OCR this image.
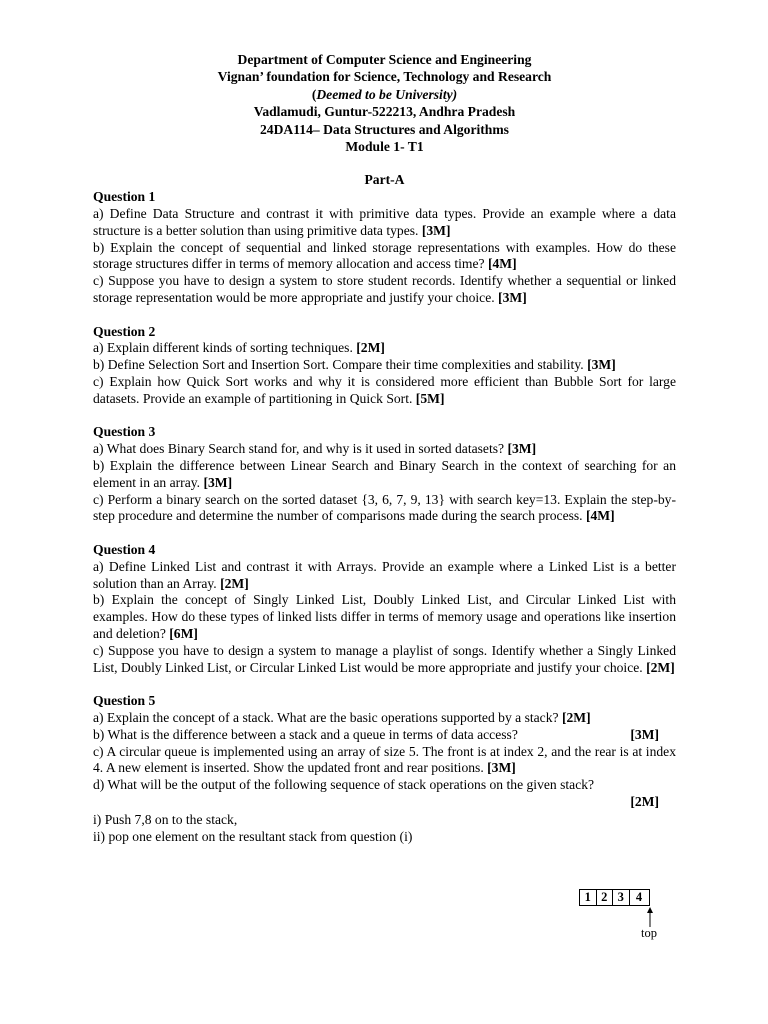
Department of Computer Science and Engineering
Vignan’ foundation for Science, Technology and Research
(Deemed to be University)
Vadlamudi, Guntur-522213, Andhra Pradesh
24DA114– Data Structures and Algorithms
Module 1- T1
Part-A
Question 1
a) Define Data Structure and contrast it with primitive data types. Provide an example where a data structure is a better solution than using primitive data types. [3M]
b) Explain the concept of sequential and linked storage representations with examples. How do these storage structures differ in terms of memory allocation and access time? [4M]
c) Suppose you have to design a system to store student records. Identify whether a sequential or linked storage representation would be more appropriate and justify your choice. [3M]
Question 2
a) Explain different kinds of sorting techniques. [2M]
b) Define Selection Sort and Insertion Sort. Compare their time complexities and stability. [3M]
c) Explain how Quick Sort works and why it is considered more efficient than Bubble Sort for large datasets. Provide an example of partitioning in Quick Sort. [5M]
Question 3
a) What does Binary Search stand for, and why is it used in sorted datasets? [3M]
b) Explain the difference between Linear Search and Binary Search in the context of searching for an element in an array. [3M]
c) Perform a binary search on the sorted dataset {3, 6, 7, 9, 13} with search key=13. Explain the step-by-step procedure and determine the number of comparisons made during the search process. [4M]
Question 4
a) Define Linked List and contrast it with Arrays. Provide an example where a Linked List is a better solution than an Array. [2M]
b) Explain the concept of Singly Linked List, Doubly Linked List, and Circular Linked List with examples. How do these types of linked lists differ in terms of memory usage and operations like insertion and deletion? [6M]
c) Suppose you have to design a system to manage a playlist of songs. Identify whether a Singly Linked List, Doubly Linked List, or Circular Linked List would be more appropriate and justify your choice. [2M]
Question 5
a) Explain the concept of a stack. What are the basic operations supported by a stack? [2M]
b) What is the difference between a stack and a queue in terms of data access?	[3M]
c) A circular queue is implemented using an array of size 5. The front is at index 2, and the rear is at index 4. A new element is inserted. Show the updated front and rear positions. [3M]
d) What will be the output of the following sequence of stack operations on the given stack?
[2M]
i) Push 7,8 on to the stack,
ii) pop one element on the resultant stack from question (i)
1 2 3 4
top
